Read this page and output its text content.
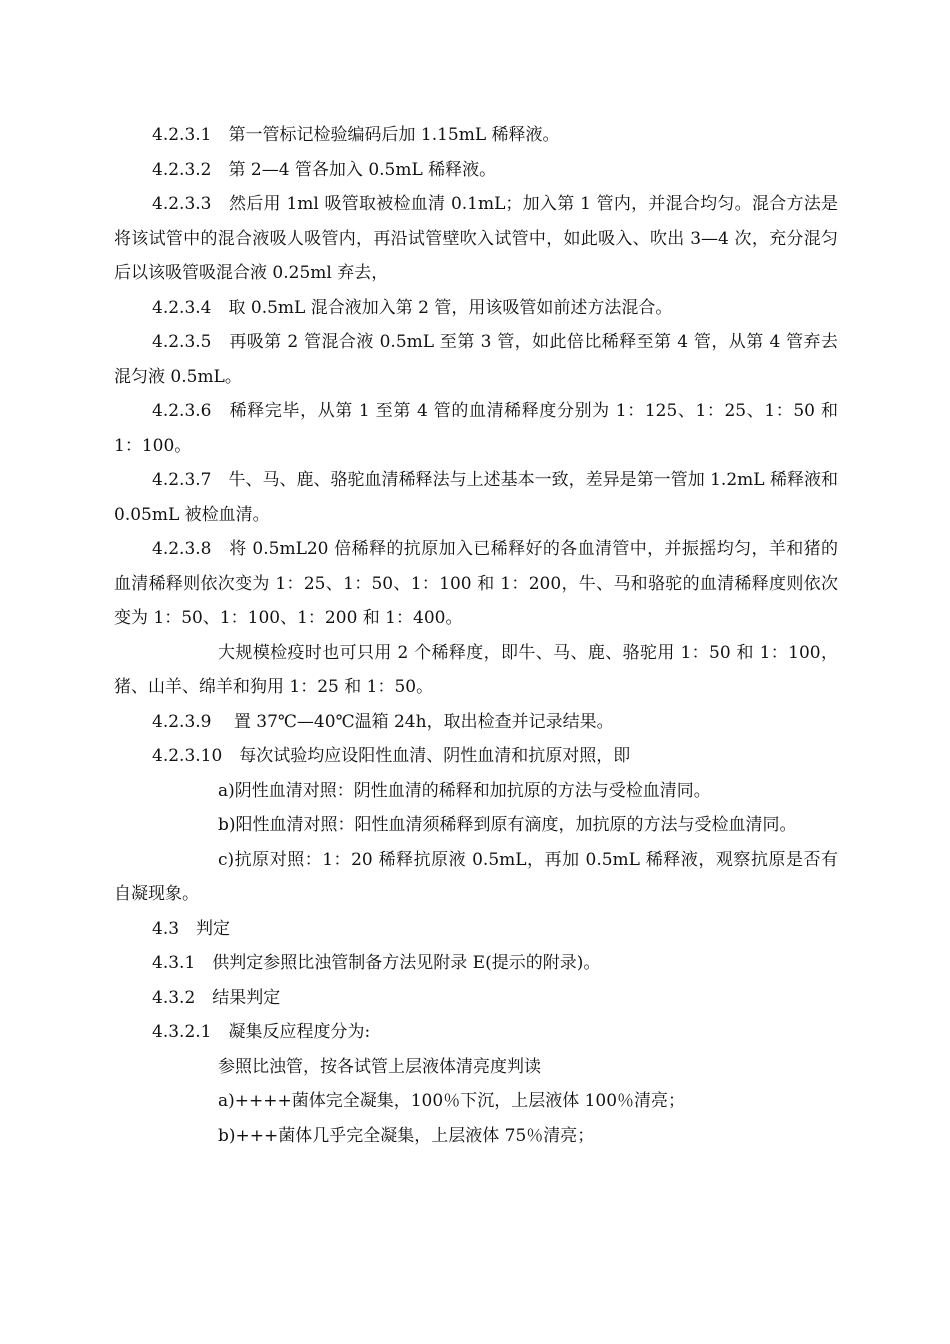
4.2.3.1　第一管标记检验编码后加 1.15mL 稀释液。
4.2.3.2　第 2—4 管各加入 0.5mL 稀释液。
4.2.3.3　然后用 1ml 吸管取被检血清 0.1mL；加入第 1 管内，并混合均匀。混合方法是将该试管中的混合液吸人吸管内，再沿试管壁吹入试管中，如此吸入、吹出 3—4 次，充分混匀后以该吸管吸混合液 0.25ml 弃去，
4.2.3.4　取 0.5mL 混合液加入第 2 管，用该吸管如前述方法混合。
4.2.3.5　再吸第 2 管混合液 0.5mL 至第 3 管，如此倍比稀释至第 4 管，从第 4 管弃去混匀液 0.5mL。
4.2.3.6　稀释完毕，从第 1 至第 4 管的血清稀释度分别为 1：125、1：25、1：50 和 1：100。
4.2.3.7　牛、马、鹿、骆驼血清稀释法与上述基本一致，差异是第一管加 1.2mL 稀释液和 0.05mL 被检血清。
4.2.3.8　将 0.5mL20 倍稀释的抗原加入已稀释好的各血清管中，并振摇均匀，羊和猪的血清稀释则依次变为 1：25、1：50、1：100 和 1：200，牛、马和骆驼的血清稀释度则依次变为 1：50、1：100、1：200 和 1：400。
大规模检疫时也可只用 2 个稀释度，即牛、马、鹿、骆驼用 1：50 和 1：100，猪、山羊、绵羊和狗用 1：25 和 1：50。
4.2.3.9　 置 37℃—40℃温箱 24h，取出检查并记录结果。
4.2.3.10　每次试验均应设阳性血清、阴性血清和抗原对照，即
a)阴性血清对照：阴性血清的稀释和加抗原的方法与受检血清同。
b)阳性血清对照：阳性血清须稀释到原有滴度，加抗原的方法与受检血清同。
c)抗原对照：1：20 稀释抗原液 0.5mL，再加 0.5mL 稀释液，观察抗原是否有自凝现象。
4.3　判定
4.3.1　供判定参照比浊管制备方法见附录 E(提示的附录)。
4.3.2　结果判定
4.3.2.1　凝集反应程度分为:
参照比浊管，按各试管上层液体清亮度判读
a)++++菌体完全凝集，100％下沉，上层液体 100％清亮；
b)+++菌体几乎完全凝集，上层液体 75％清亮；
